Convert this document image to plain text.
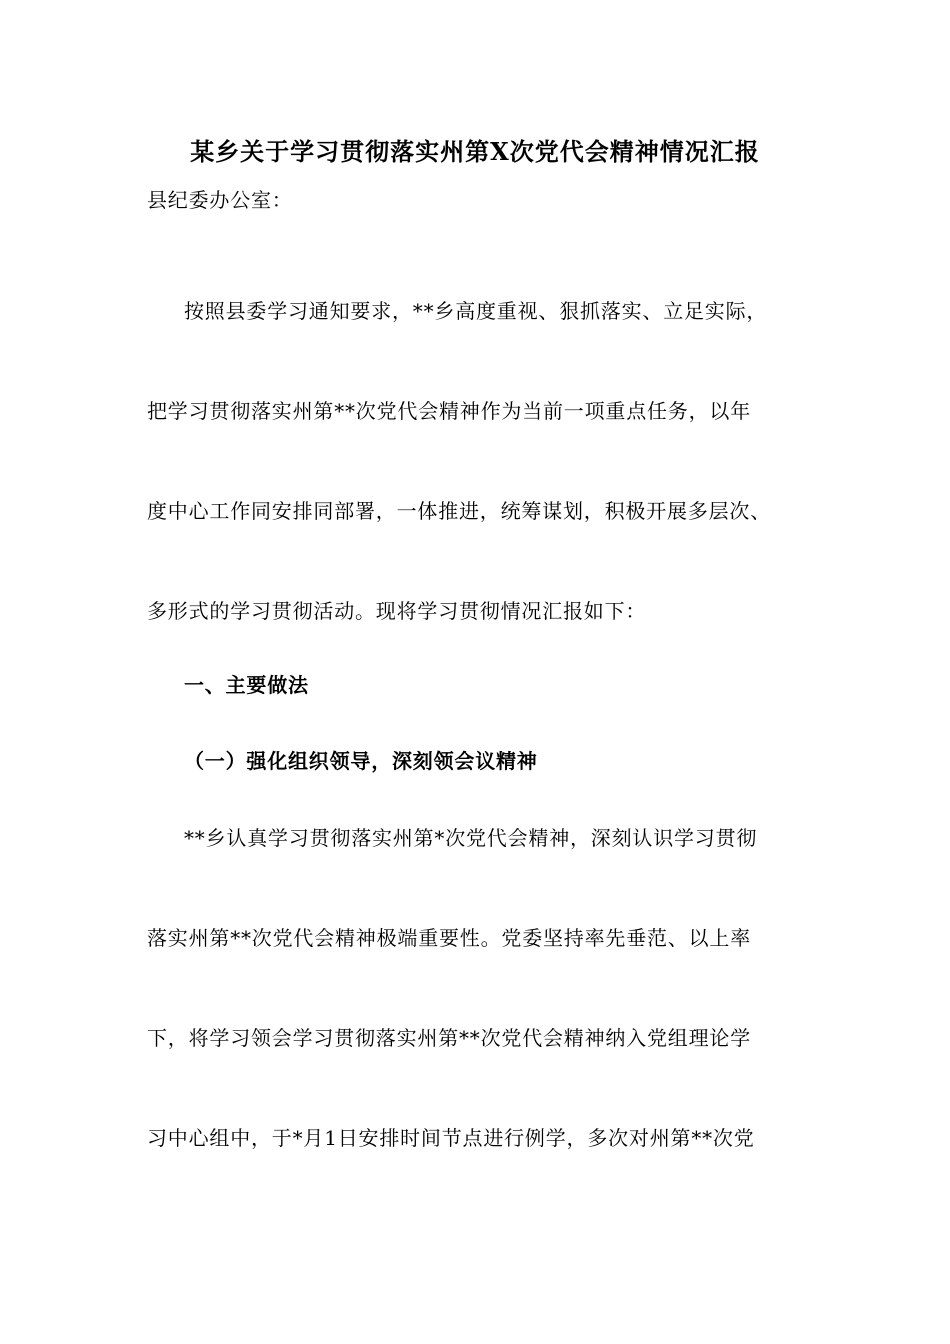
某乡关于学习贯彻落实州第X次党代会精神情况汇报
县纪委办公室：
按照县委学习通知要求，**乡高度重视、狠抓落实、立足实际，
把学习贯彻落实州第**次党代会精神作为当前一项重点任务，以年
度中心工作同安排同部署，一体推进，统筹谋划，积极开展多层次、
多形式的学习贯彻活动。现将学习贯彻情况汇报如下：
一、主要做法
（一）强化组织领导，深刻领会议精神
**乡认真学习贯彻落实州第*次党代会精神，深刻认识学习贯彻
落实州第**次党代会精神极端重要性。党委坚持率先垂范、以上率
下，将学习领会学习贯彻落实州第**次党代会精神纳入党组理论学
习中心组中，于*月1日安排时间节点进行例学，多次对州第**次党
